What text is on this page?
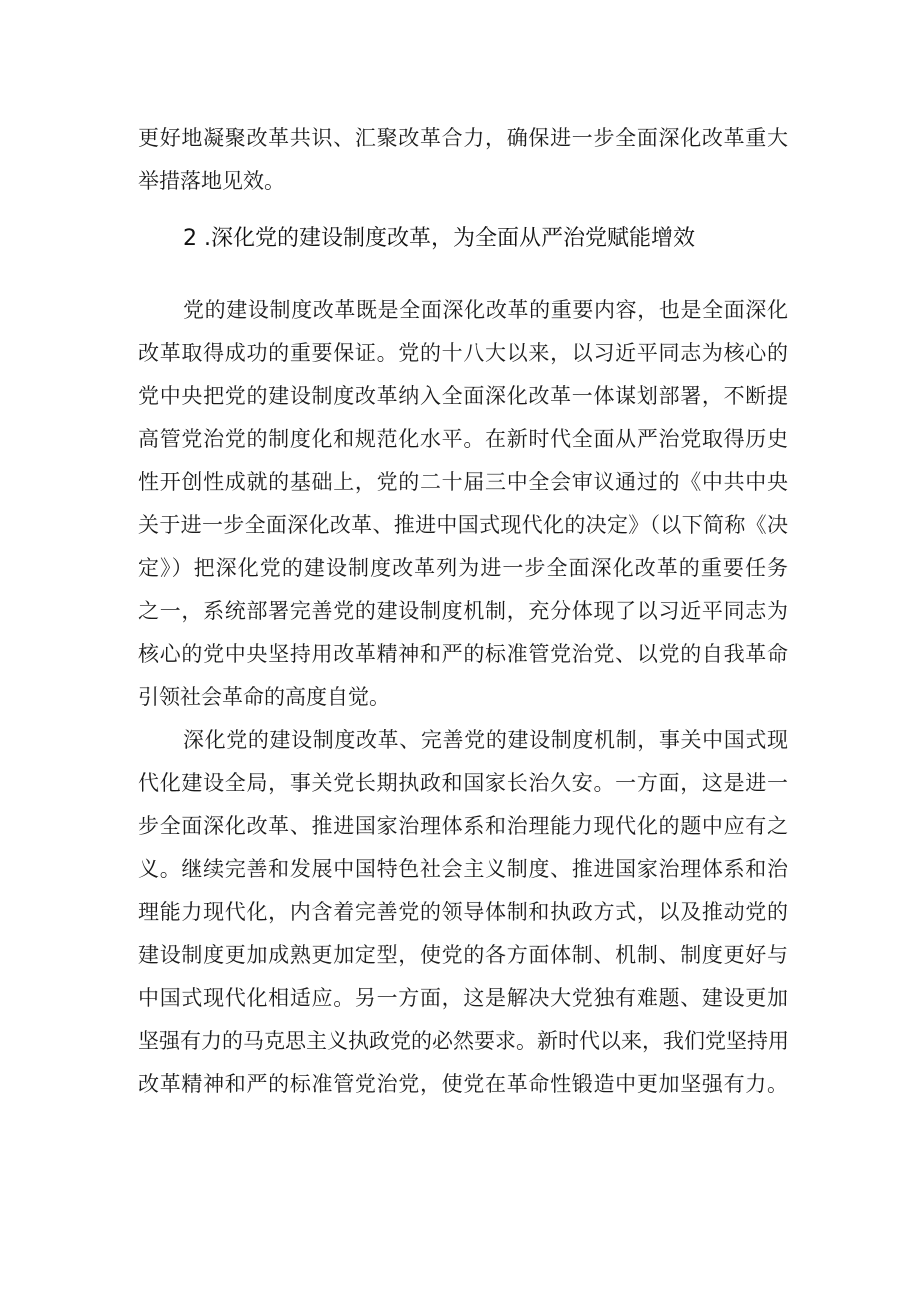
更好地凝聚改革共识、汇聚改革合力，确保进一步全面深化改革重大

举措落地见效。

2 .深化党的建设制度改革，为全面从严治党赋能增效

党的建设制度改革既是全面深化改革的重要内容，也是全面深化

改革取得成功的重要保证。党的十八大以来，以习近平同志为核心的

党中央把党的建设制度改革纳入全面深化改革一体谋划部署，不断提

高管党治党的制度化和规范化水平。在新时代全面从严治党取得历史

性开创性成就的基础上，党的二十届三中全会审议通过的《中共中央

关于进一步全面深化改革、推进中国式现代化的决定》（以下简称《决

定》）把深化党的建设制度改革列为进一步全面深化改革的重要任务

之一，系统部署完善党的建设制度机制，充分体现了以习近平同志为

核心的党中央坚持用改革精神和严的标准管党治党、以党的自我革命

引领社会革命的高度自觉。

深化党的建设制度改革、完善党的建设制度机制，事关中国式现

代化建设全局，事关党长期执政和国家长治久安。一方面，这是进一

步全面深化改革、推进国家治理体系和治理能力现代化的题中应有之

义。继续完善和发展中国特色社会主义制度、推进国家治理体系和治

理能力现代化，内含着完善党的领导体制和执政方式，以及推动党的

建设制度更加成熟更加定型，使党的各方面体制、机制、制度更好与

中国式现代化相适应。另一方面，这是解决大党独有难题、建设更加

坚强有力的马克思主义执政党的必然要求。新时代以来，我们党坚持用

改革精神和严的标准管党治党，使党在革命性锻造中更加坚强有力。
